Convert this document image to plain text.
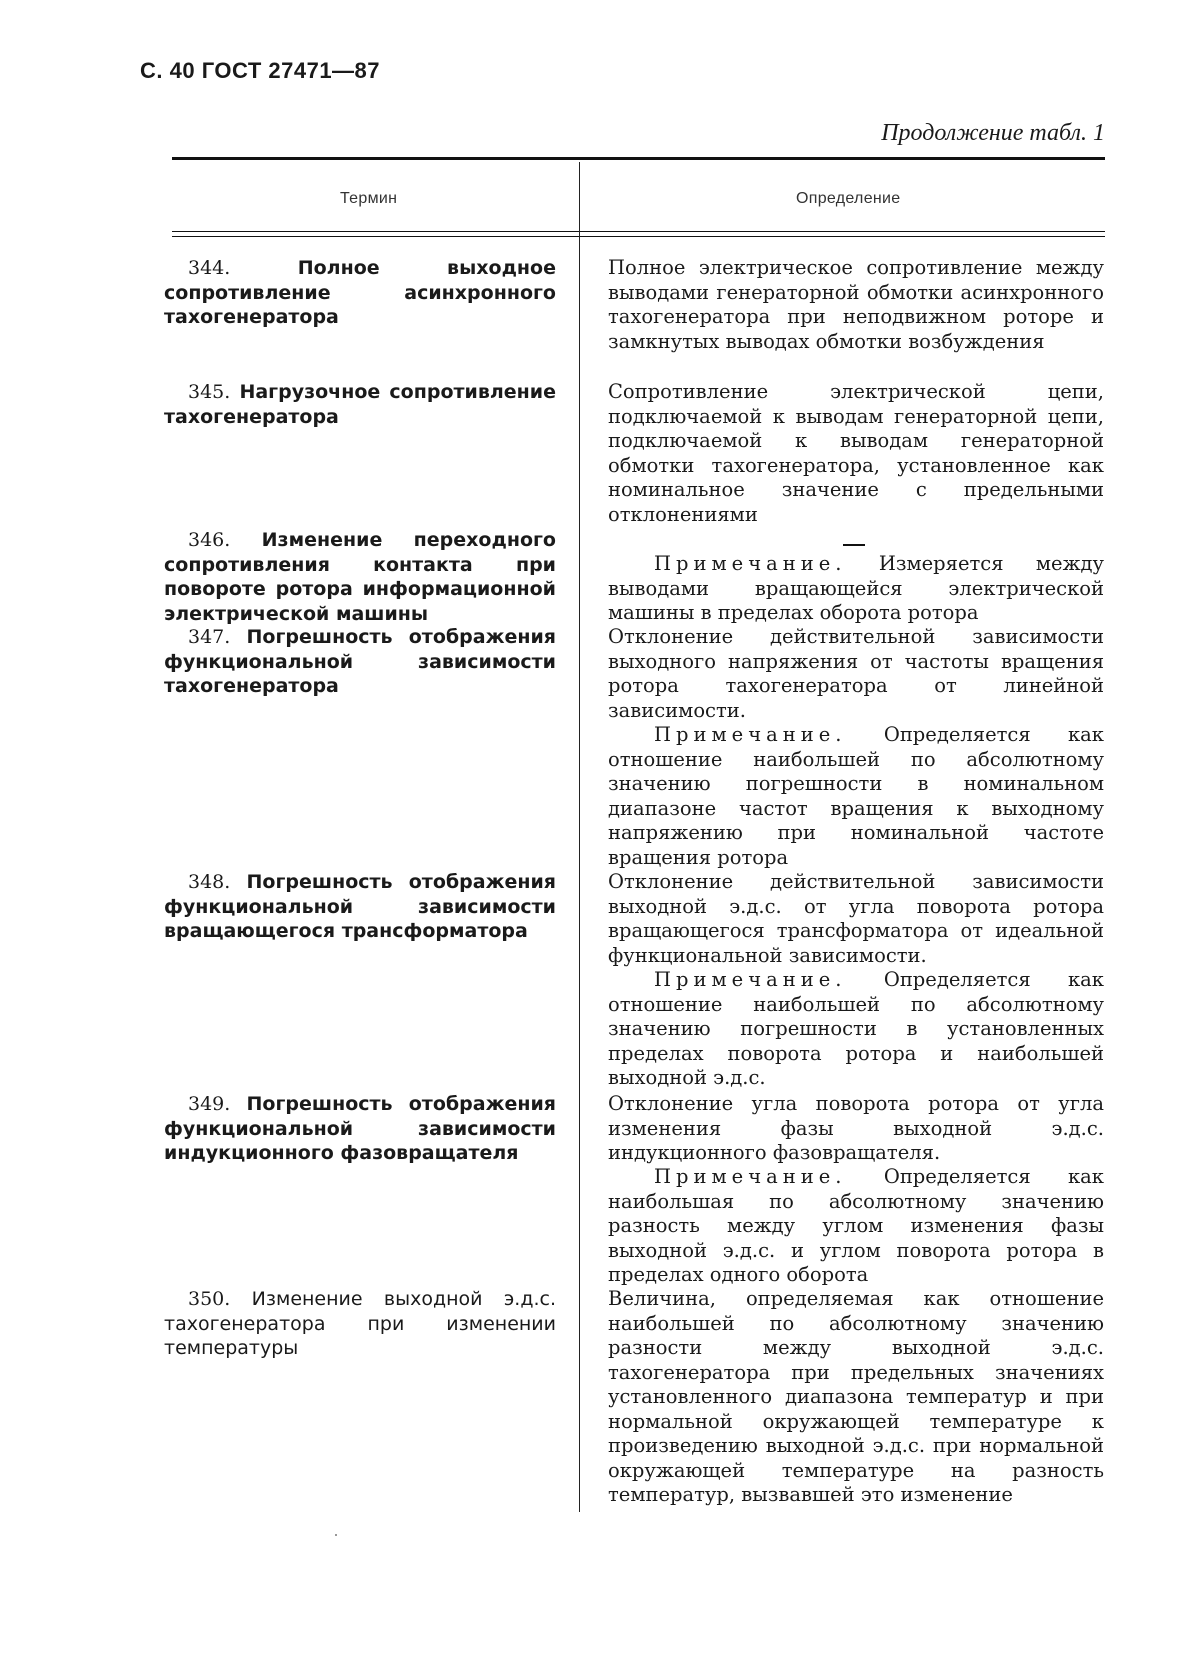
С. 40 ГОСТ 27471—87
Продолжение табл. 1
Термин	Определение
344.	Полное выходное сопротивление асинхронного тахогенератора
Полное электрическое сопротивление между выводами генераторной обмотки асинхронного тахогенератора при неподвижном роторе и замкнутых выводах обмотки возбуждения
345. Нагрузочное сопротивление тахогенератора
Сопротивление электрической цепи, подключаемой к выводам генераторной цепи, подключаемой к выводам генераторной обмотки тахогенератора, установленное как номинальное значение с предельными отклонениями
346. Изменение переходного сопротивления контакта при повороте ротора информационной электрической машины
Примечание. Измеряется между выводами вращающейся электрической машины в пределах оборота ротора
347. Погрешность отображения функциональной зависимости тахогенератора
Отклонение действительной зависимости выходного напряжения от частоты вращения ротора тахогенератора от линейной зависимости.
Примечание. Определяется как отношение наибольшей по абсолютному значению погрешности в номинальном диапазоне частот вращения к выходному напряжению при номинальной частоте вращения ротора
348. Погрешность отображения функциональной зависимости вращающегося трансформатора
Отклонение действительной зависимости выходной э.д.с. от угла поворота ротора вращающегося трансформатора от идеальной функциональной зависимости.
Примечание. Определяется как отношение наибольшей по абсолютному значению погрешности в установленных пределах поворота ротора и наибольшей выходной э.д.с.
349. Погрешность отображения функциональной зависимости индукционного фазовращателя
Отклонение угла поворота ротора от угла изменения фазы выходной э.д.с. индукционного фазовращателя.
Примечание. Определяется как наибольшая по абсолютному значению разность между углом изменения фазы выходной э.д.с. и углом поворота ротора в пределах одного оборота
350. Изменение выходной э.д.с. тахогенератора при изменении температуры
Величина, определяемая как отношение наибольшей по абсолютному значению разности между выходной э.д.с. тахогенератора при предельных значениях установленного диапазона температур и при нормальной окружающей температуре к произведению выходной э.д.с. при нормальной окружающей температуре на разность температур, вызвавшей это изменение
